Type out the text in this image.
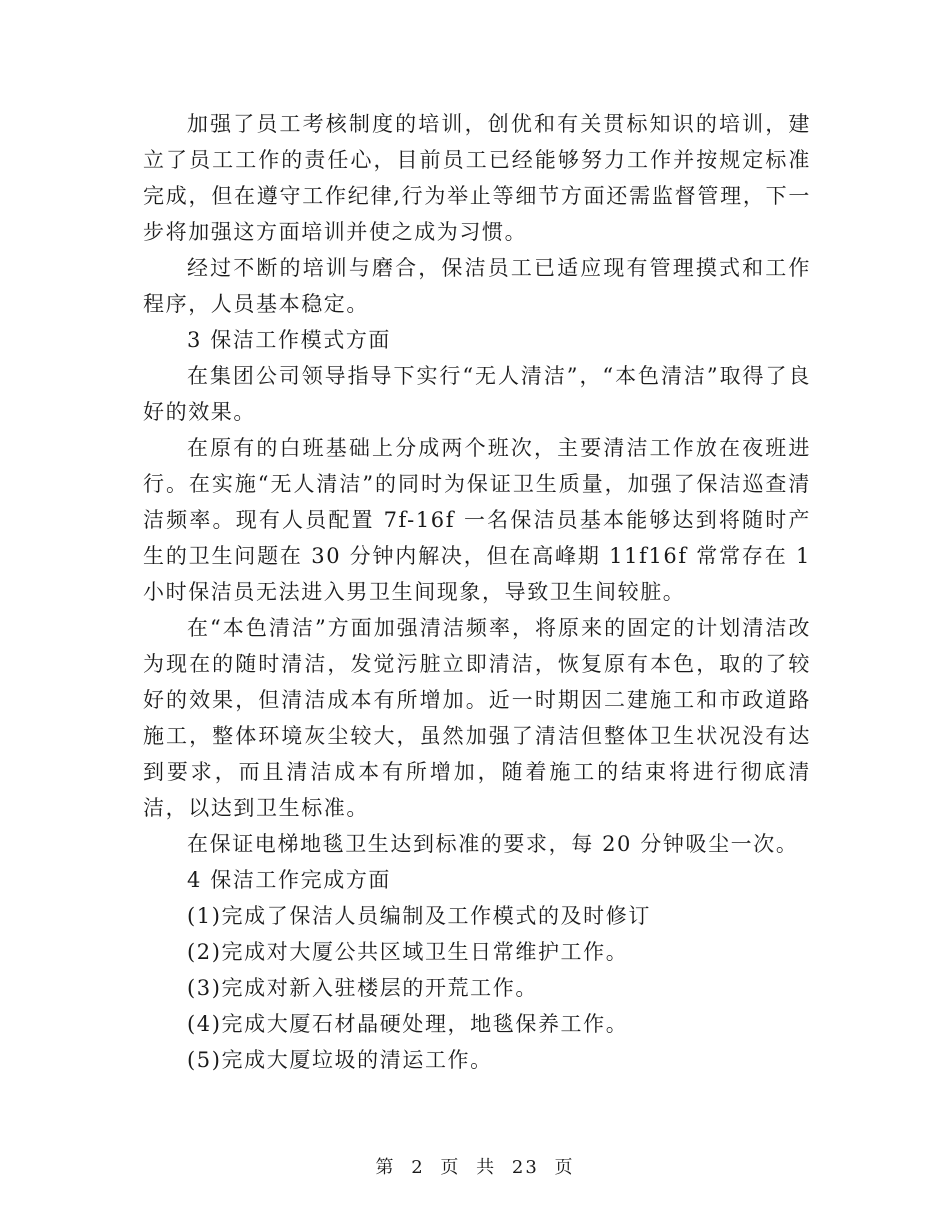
加强了员工考核制度的培训，创优和有关贯标知识的培训，建立了员工工作的责任心，目前员工已经能够努力工作并按规定标准完成，但在遵守工作纪律,行为举止等细节方面还需监督管理，下一步将加强这方面培训并使之成为习惯。

经过不断的培训与磨合，保洁员工已适应现有管理摸式和工作程序，人员基本稳定。

3 保洁工作模式方面

在集团公司领导指导下实行“无人清洁”，“本色清洁”取得了良好的效果。

在原有的白班基础上分成两个班次，主要清洁工作放在夜班进行。在实施“无人清洁”的同时为保证卫生质量，加强了保洁巡查清洁频率。现有人员配置 7f-16f 一名保洁员基本能够达到将随时产生的卫生问题在 30 分钟内解决，但在高峰期 11f16f 常常存在 1 小时保洁员无法进入男卫生间现象，导致卫生间较脏。

在“本色清洁”方面加强清洁频率，将原来的固定的计划清洁改为现在的随时清洁，发觉污脏立即清洁，恢复原有本色，取的了较好的效果，但清洁成本有所增加。近一时期因二建施工和市政道路施工，整体环境灰尘较大，虽然加强了清洁但整体卫生状况没有达到要求，而且清洁成本有所增加，随着施工的结束将进行彻底清洁，以达到卫生标准。

在保证电梯地毯卫生达到标准的要求，每 20 分钟吸尘一次。

4 保洁工作完成方面

(1)完成了保洁人员编制及工作模式的及时修订

(2)完成对大厦公共区域卫生日常维护工作。

(3)完成对新入驻楼层的开荒工作。

(4)完成大厦石材晶硬处理，地毯保养工作。

(5)完成大厦垃圾的清运工作。

第 2 页 共 23 页
